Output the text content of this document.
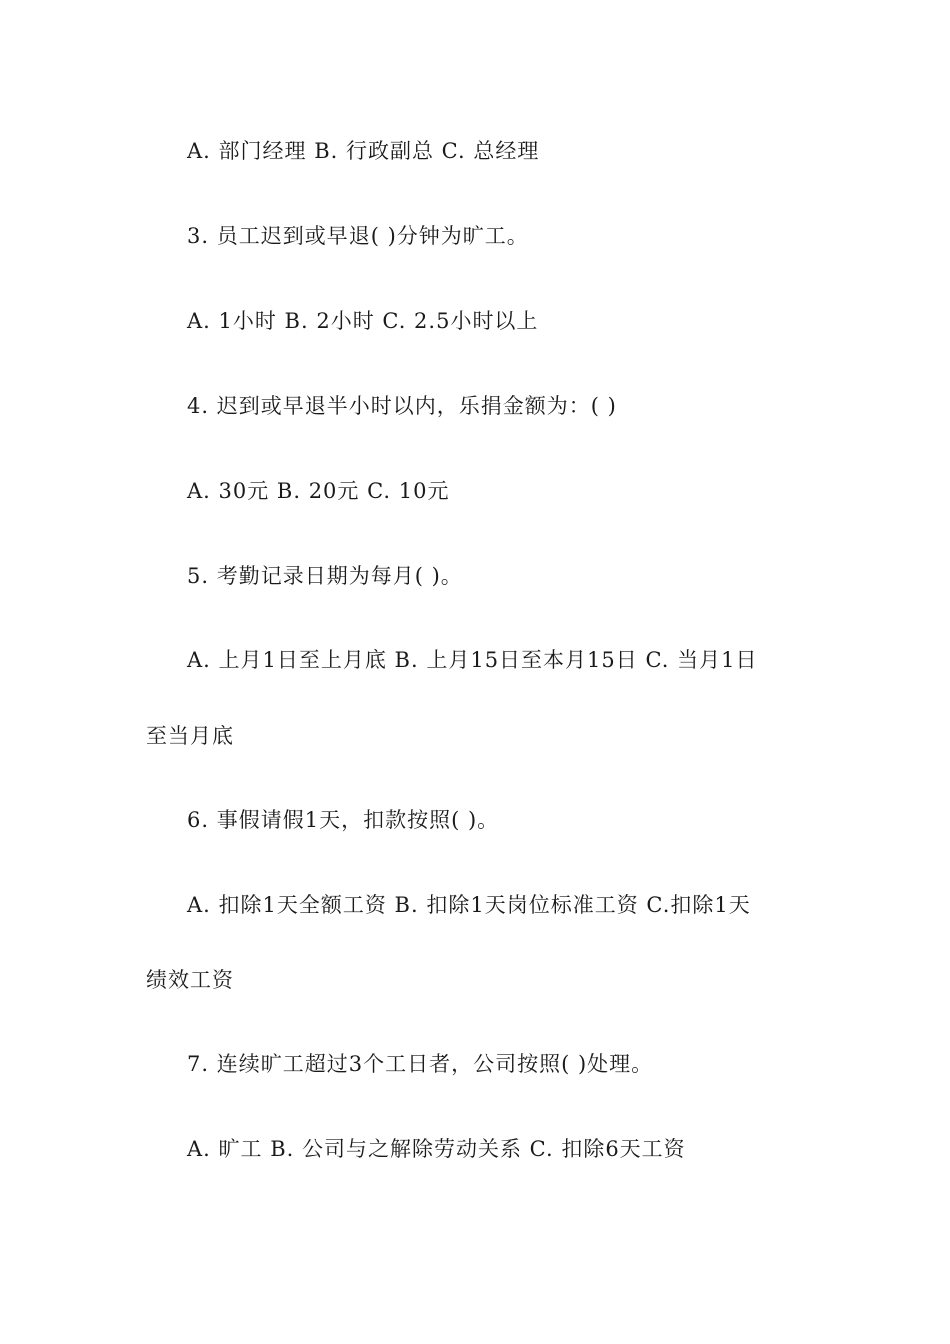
A. 部门经理 B. 行政副总 C. 总经理
3. 员工迟到或早退( )分钟为旷工。
A. 1小时 B. 2小时 C. 2.5小时以上
4. 迟到或早退半小时以内，乐捐金额为：( )
A. 30元 B. 20元 C. 10元
5. 考勤记录日期为每月( )。
A. 上月1日至上月底 B. 上月15日至本月15日 C. 当月1日
至当月底
6. 事假请假1天，扣款按照( )。
A. 扣除1天全额工资 B. 扣除1天岗位标准工资 C.扣除1天
绩效工资
7. 连续旷工超过3个工日者，公司按照( )处理。
A. 旷工 B. 公司与之解除劳动关系 C. 扣除6天工资
